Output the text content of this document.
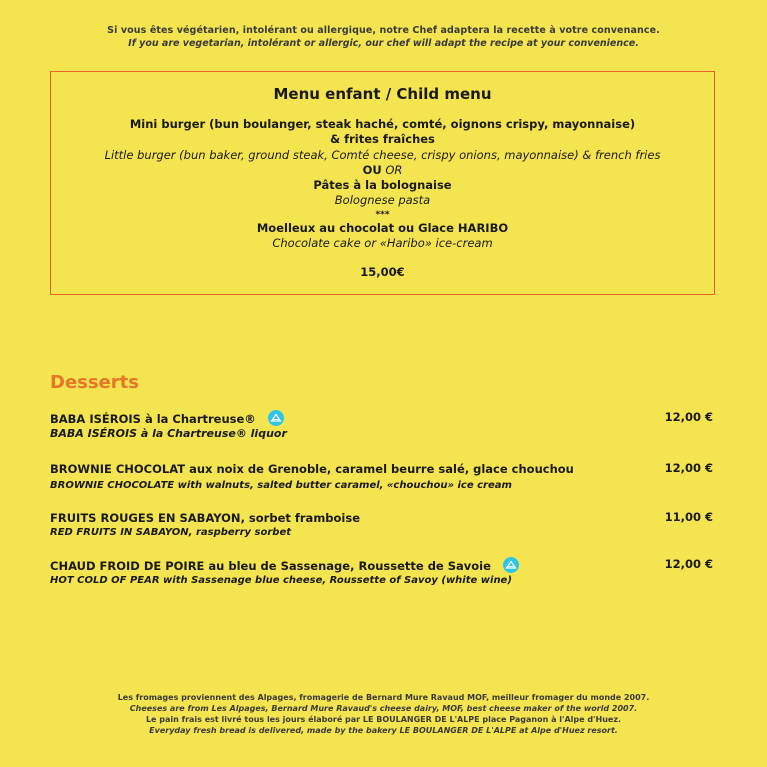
Si vous êtes végétarien, intolérant ou allergique, notre Chef adaptera la recette à votre convenance.
If you are vegetarian, intolérant or allergic, our chef will adapt the recipe at your convenience.
Menu enfant / Child menu
Mini burger (bun boulanger, steak haché, comté, oignons crispy, mayonnaise)
& frites fraîches
Little burger (bun baker, ground steak, Comté cheese, crispy onions, mayonnaise) & french fries
OU OR
Pâtes à la bolognaise
Bolognese pasta
***
Moelleux au chocolat ou Glace HARIBO
Chocolate cake or «Haribo» ice-cream
15,00€
Desserts
BABA ISÉROIS à la Chartreuse®
BABA ISÉROIS à la Chartreuse® liquor
12,00 €
BROWNIE CHOCOLAT aux noix de Grenoble, caramel beurre salé, glace chouchou
BROWNIE CHOCOLATE with walnuts, salted butter caramel, «chouchou» ice cream
12,00 €
FRUITS ROUGES EN SABAYON, sorbet framboise
RED FRUITS IN SABAYON, raspberry sorbet
11,00 €
CHAUD FROID DE POIRE au bleu de Sassenage, Roussette de Savoie
HOT COLD OF PEAR with Sassenage blue cheese, Roussette of Savoy (white wine)
12,00 €
Les fromages proviennent des Alpages, fromagerie de Bernard Mure Ravaud MOF, meilleur fromager du monde 2007.
Cheeses are from Les Alpages, Bernard Mure Ravaud's cheese dairy, MOF, best cheese maker of the world 2007.
Le pain frais est livré tous les jours élaboré par LE BOULANGER DE L'ALPE place Paganon à l'Alpe d'Huez.
Everyday fresh bread is delivered, made by the bakery LE BOULANGER DE L'ALPE at Alpe d'Huez resort.
